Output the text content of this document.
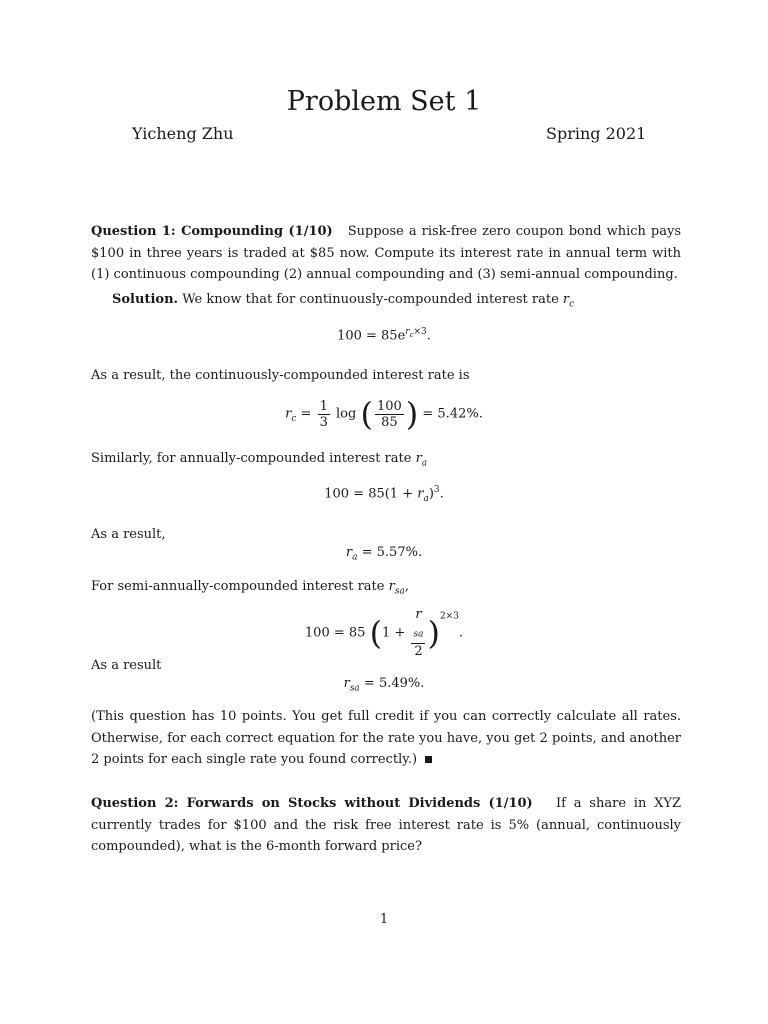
Problem Set 1
Yicheng Zhu	Spring 2021
Question 1: Compounding (1/10) Suppose a risk-free zero coupon bond which pays $100 in three years is traded at $85 now. Compute its interest rate in annual term with (1) continuous compounding (2) annual compounding and (3) semi-annual compounding.
Solution. We know that for continuously-compounded interest rate $r_c$
$100 = 85e^{r_c\times 3}$.
As a result, the continuously-compounded interest rate is
$r_c = \frac{1}{3}$ log ( $\frac{100}{85}$ ) = 5.42%.
Similarly, for annually-compounded interest rate $r_a$
$100 = 85(1 + r_a)^3$.
As a result,
$r_a = 5.57\%$.
For semi-annually-compounded interest rate $r_{sa}$,
100 = 85 (1 + r
$_{sa}$
2 )$^{2\times 3}$.
As a result
$r_{sa} = 5.49\%$.
(This question has 10 points. You get full credit if you can correctly calculate all rates. Otherwise, for each correct equation for the rate you have, you get 2 points, and another 2 points for each single rate you found correctly.)
Question 2: Forwards on Stocks without Dividends (1/10) If a share in XYZ currently trades for $100 and the risk free interest rate is 5% (annual, continuously compounded), what is the 6-month forward price?
1
